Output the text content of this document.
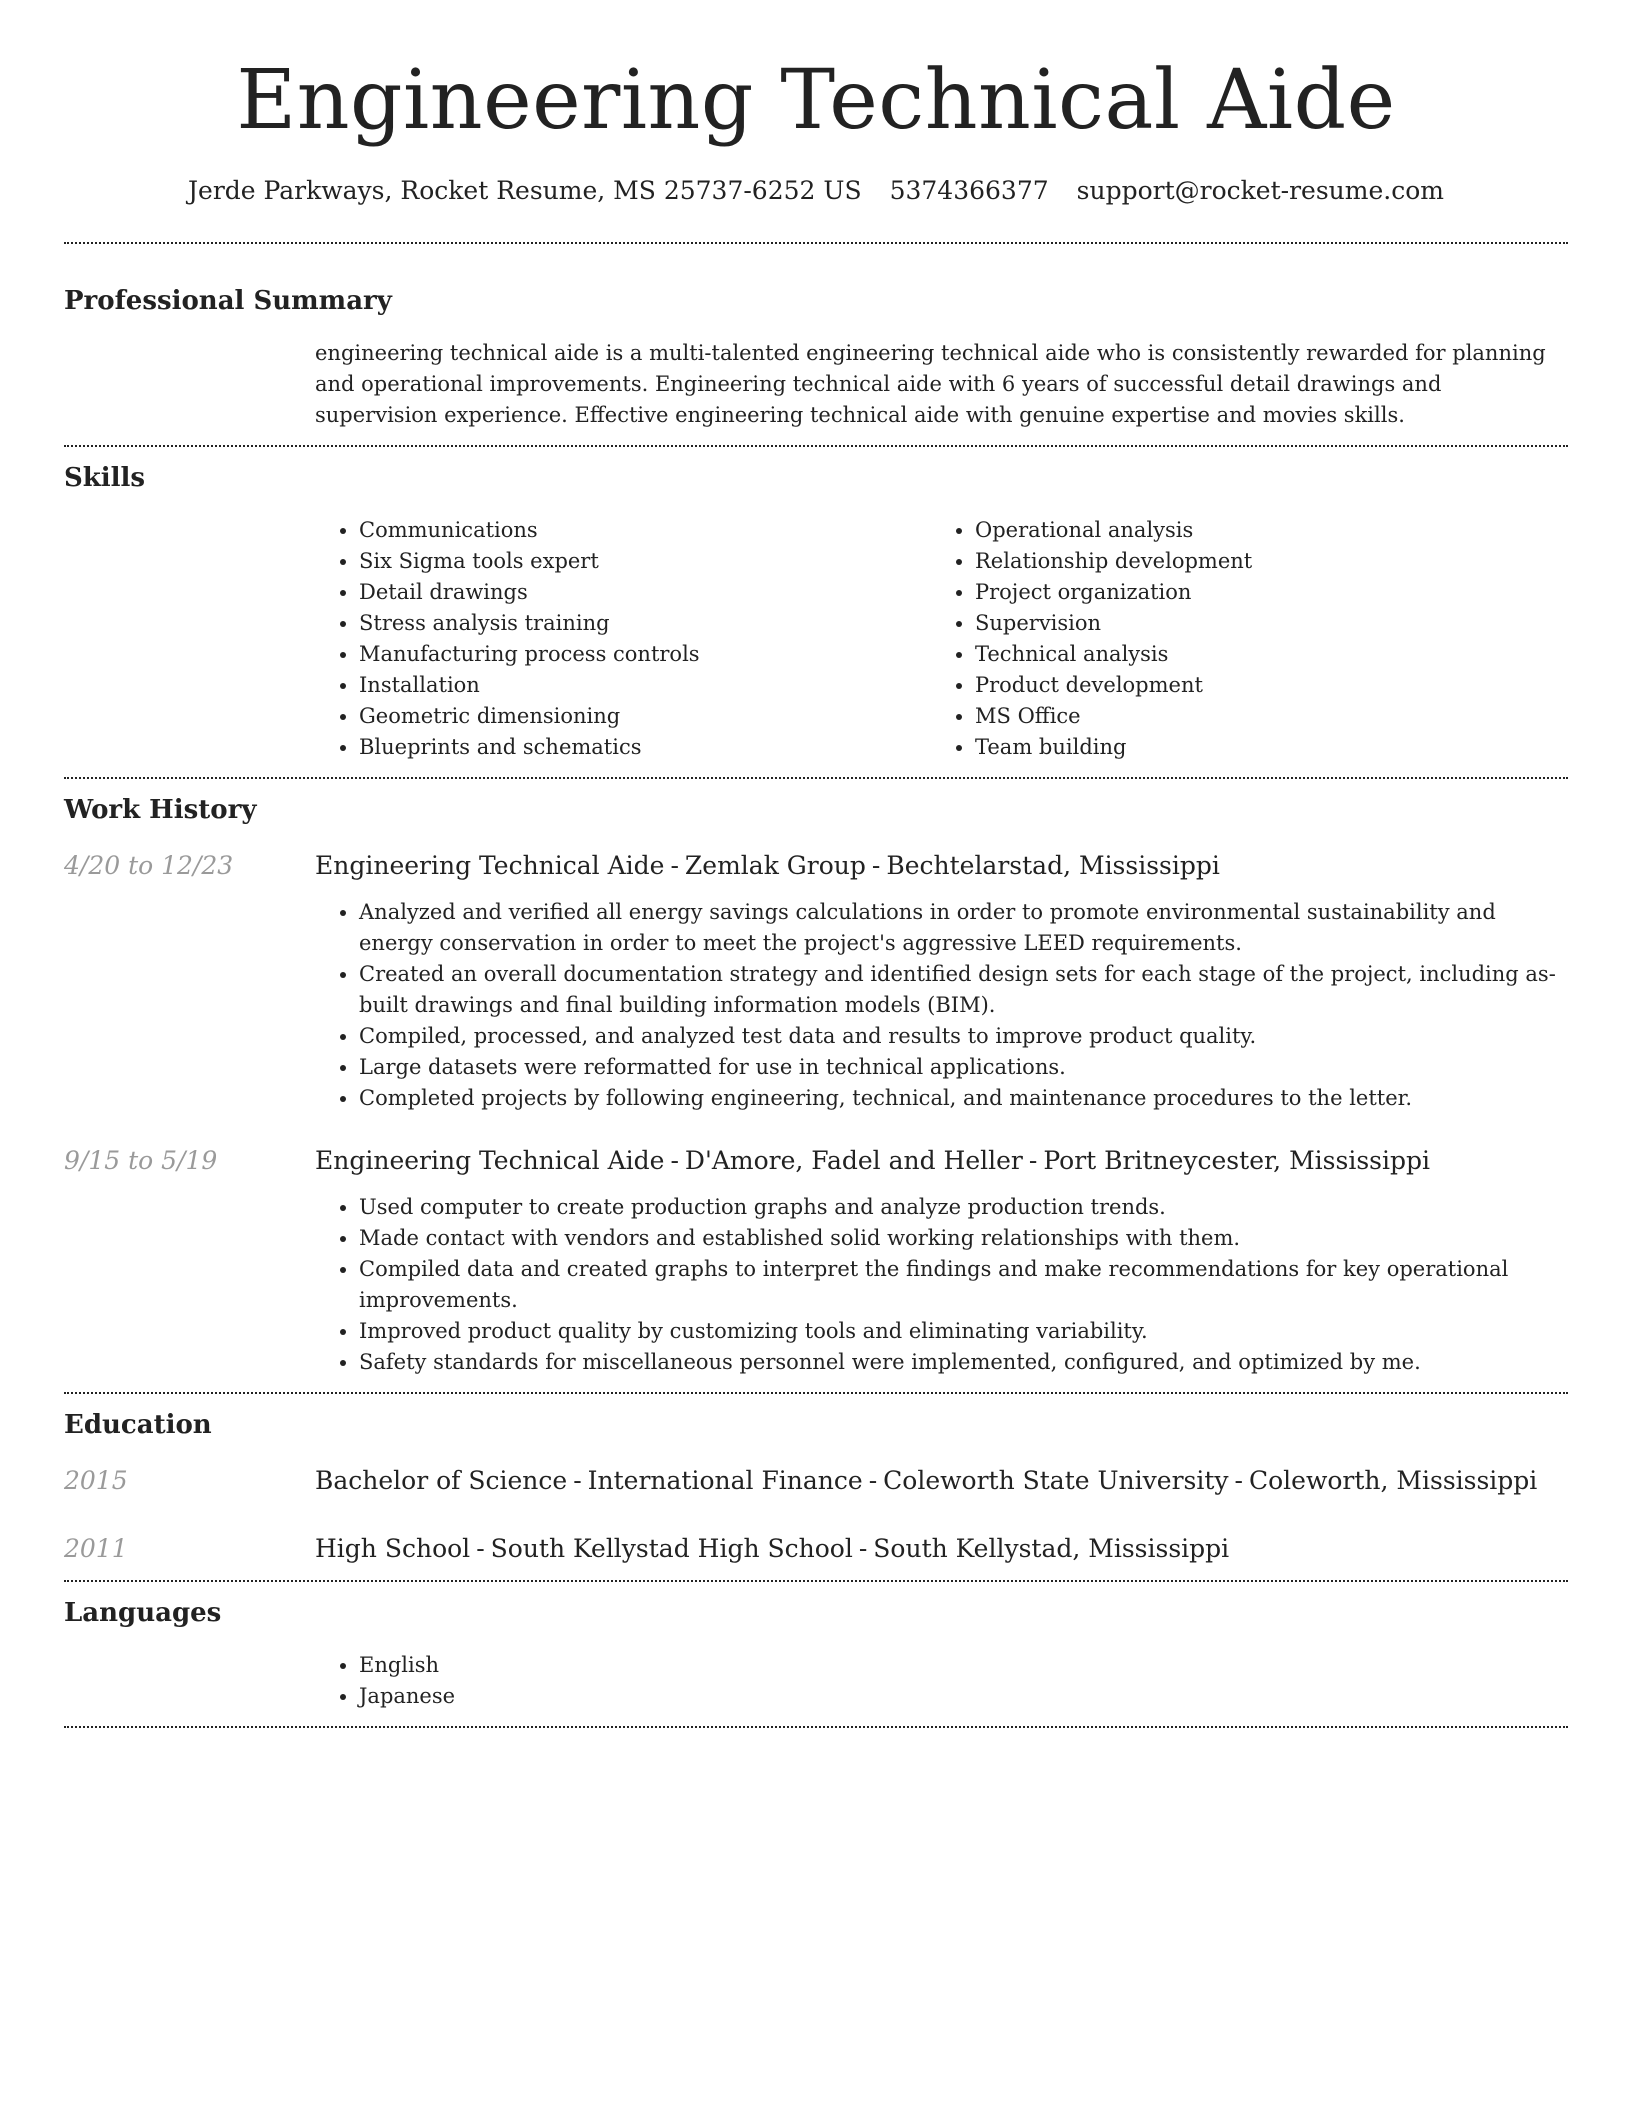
Engineering Technical Aide
Jerde Parkways, Rocket Resume, MS 25737-6252 US 5374366377 support@rocket-resume.com
Professional Summary
engineering technical aide is a multi-talented engineering technical aide who is consistently rewarded for planning and operational improvements. Engineering technical aide with 6 years of successful detail drawings and supervision experience. Effective engineering technical aide with genuine expertise and movies skills.
Skills
• Communications
• Six Sigma tools expert
• Detail drawings
• Stress analysis training
• Manufacturing process controls
• Installation
• Geometric dimensioning
• Blueprints and schematics
• Operational analysis
• Relationship development
• Project organization
• Supervision
• Technical analysis
• Product development
• MS Office
• Team building
Work History
4/20 to 12/23	Engineering Technical Aide - Zemlak Group - Bechtelarstad, Mississippi
• Analyzed and verified all energy savings calculations in order to promote environmental sustainability and energy conservation in order to meet the project's aggressive LEED requirements.
• Created an overall documentation strategy and identified design sets for each stage of the project, including as-built drawings and final building information models (BIM).
• Compiled, processed, and analyzed test data and results to improve product quality.
• Large datasets were reformatted for use in technical applications.
• Completed projects by following engineering, technical, and maintenance procedures to the letter.
9/15 to 5/19	Engineering Technical Aide - D'Amore, Fadel and Heller - Port Britneycester, Mississippi
• Used computer to create production graphs and analyze production trends.
• Made contact with vendors and established solid working relationships with them.
• Compiled data and created graphs to interpret the findings and make recommendations for key operational improvements.
• Improved product quality by customizing tools and eliminating variability.
• Safety standards for miscellaneous personnel were implemented, configured, and optimized by me.
Education
2015	Bachelor of Science - International Finance - Coleworth State University - Coleworth, Mississippi
2011	High School - South Kellystad High School - South Kellystad, Mississippi
Languages
• English
• Japanese
